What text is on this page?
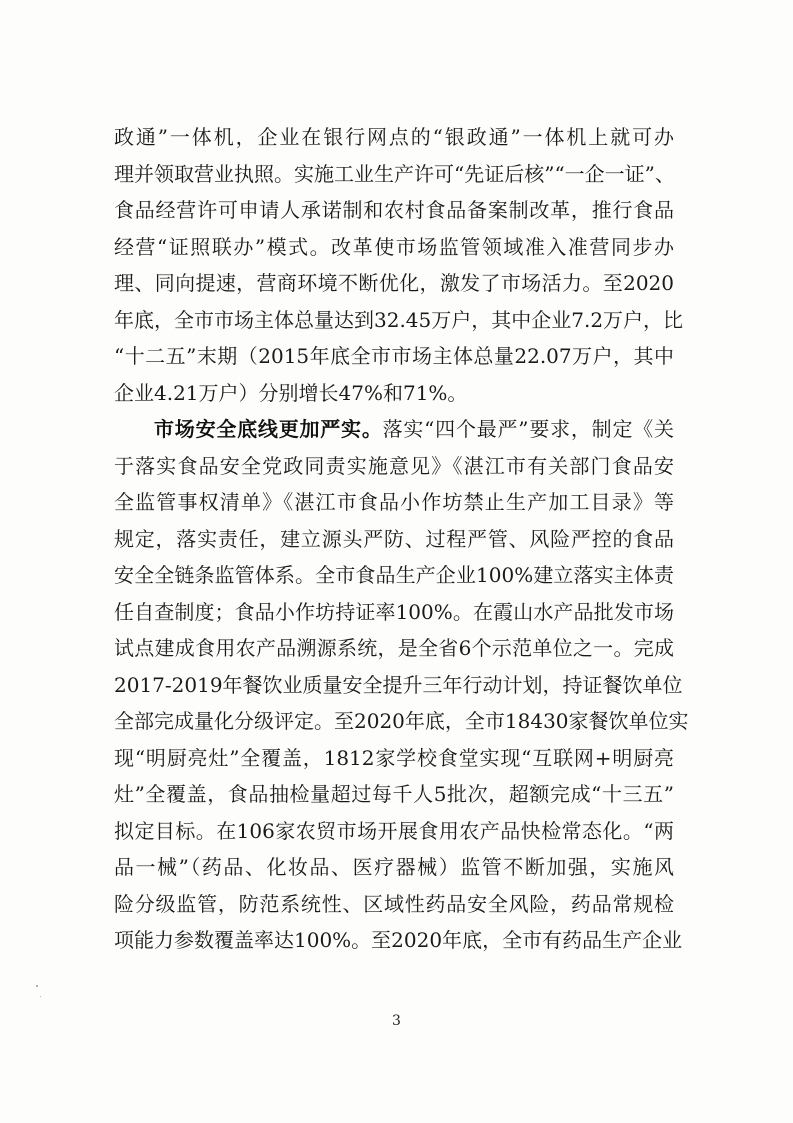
政通”一体机，企业在银行网点的“银政通”一体机上就可办
理并领取营业执照。实施工业生产许可“先证后核”“一企一证”、
食品经营许可申请人承诺制和农村食品备案制改革，推行食品
经营“证照联办”模式。改革使市场监管领域准入准营同步办
理、同向提速，营商环境不断优化，激发了市场活力。至2020
年底，全市市场主体总量达到32.45万户，其中企业7.2万户，比
“十二五”末期（2015年底全市市场主体总量22.07万户，其中
企业4.21万户）分别增长47%和71%。
市场安全底线更加严实。落实“四个最严”要求，制定《关
于落实食品安全党政同责实施意见》《湛江市有关部门食品安
全监管事权清单》《湛江市食品小作坊禁止生产加工目录》等
规定，落实责任，建立源头严防、过程严管、风险严控的食品
安全全链条监管体系。全市食品生产企业100%建立落实主体责
任自查制度；食品小作坊持证率100%。在霞山水产品批发市场
试点建成食用农产品溯源系统，是全省6个示范单位之一。完成
2017-2019年餐饮业质量安全提升三年行动计划，持证餐饮单位
全部完成量化分级评定。至2020年底，全市18430家餐饮单位实
现“明厨亮灶”全覆盖，1812家学校食堂实现“互联网+明厨亮
灶”全覆盖，食品抽检量超过每千人5批次，超额完成“十三五”
拟定目标。在106家农贸市场开展食用农产品快检常态化。“两
品一械”（药品、化妆品、医疗器械）监管不断加强，实施风
险分级监管，防范系统性、区域性药品安全风险，药品常规检
项能力参数覆盖率达100%。至2020年底，全市有药品生产企业
3
